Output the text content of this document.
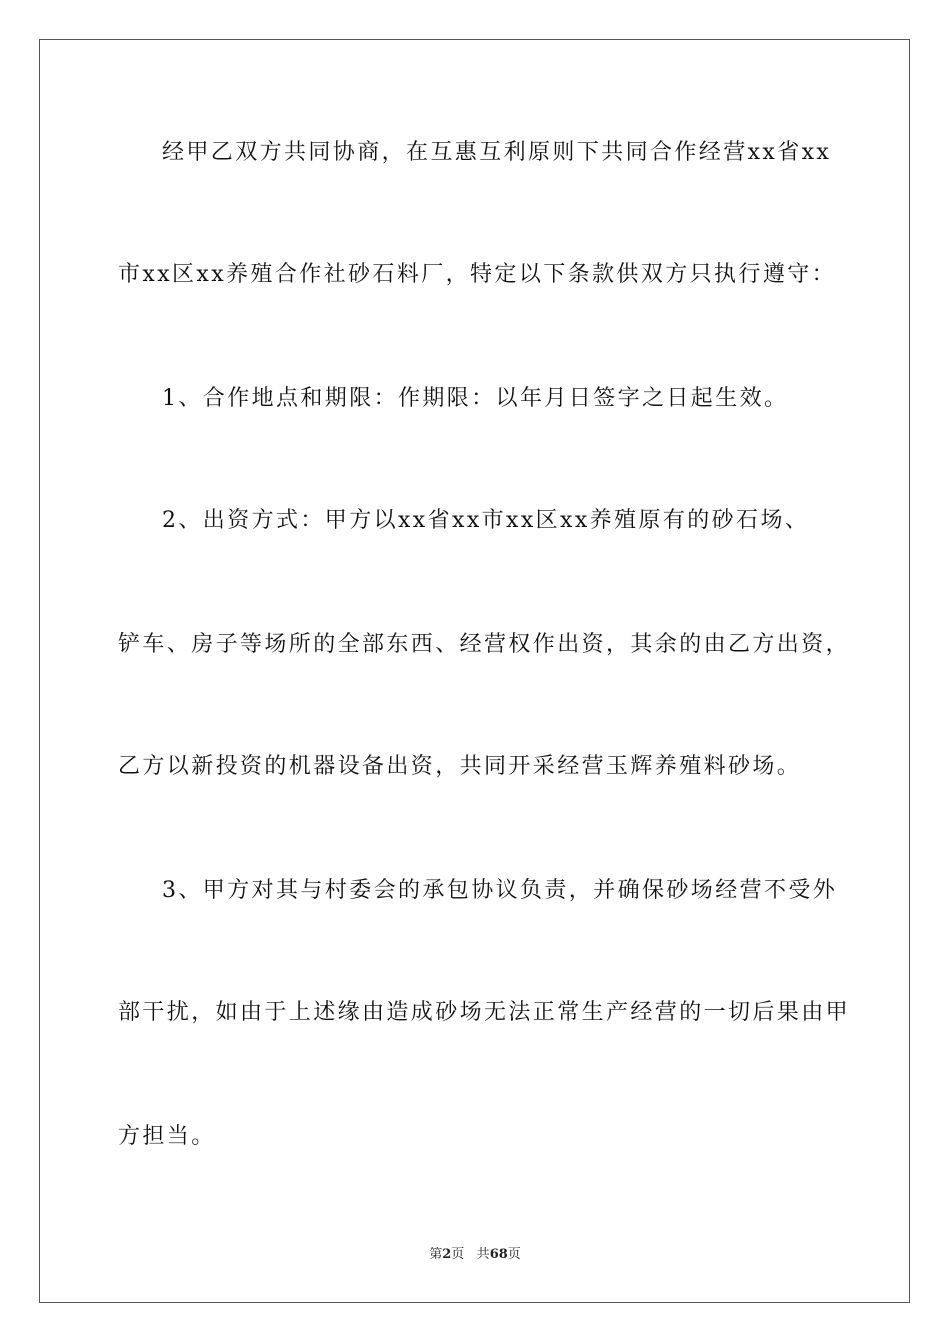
经甲乙双方共同协商，在互惠互利原则下共同合作经营xx省xx
市xx区xx养殖合作社砂石料厂，特定以下条款供双方只执行遵守：
1、合作地点和期限：作期限：以年月日签字之日起生效。
2、出资方式：甲方以xx省xx市xx区xx养殖原有的砂石场、
铲车、房子等场所的全部东西、经营权作出资，其余的由乙方出资，
乙方以新投资的机器设备出资，共同开采经营玉辉养殖料砂场。
3、甲方对其与村委会的承包协议负责，并确保砂场经营不受外
部干扰，如由于上述缘由造成砂场无法正常生产经营的一切后果由甲
方担当。
第2页 共68页
